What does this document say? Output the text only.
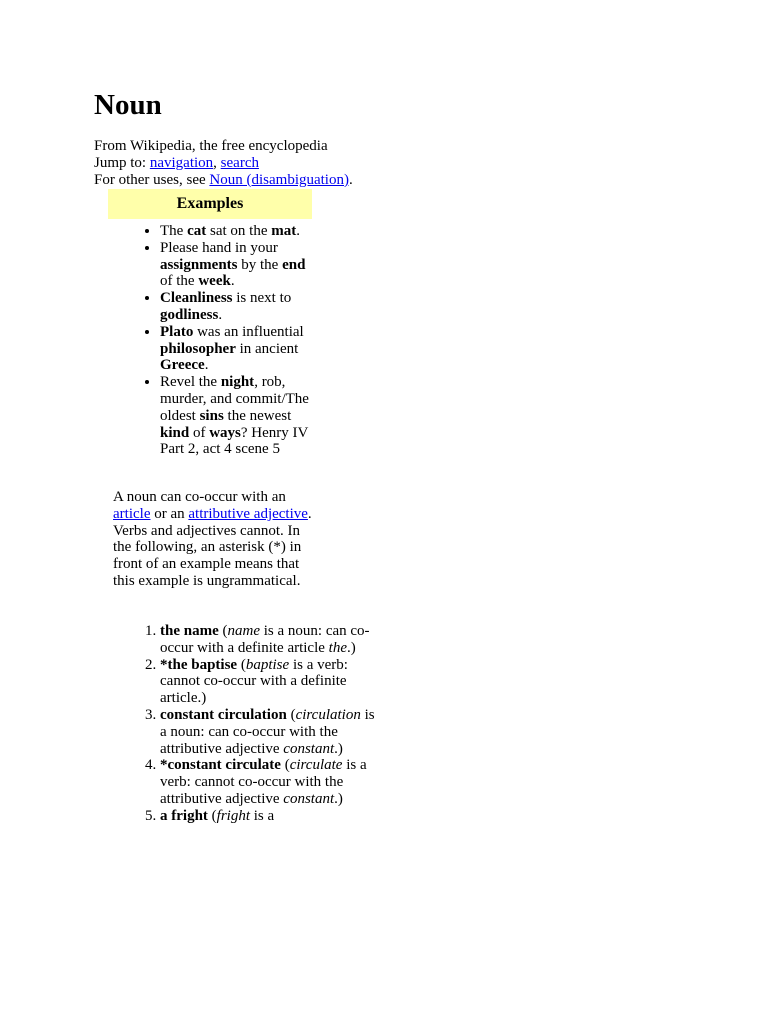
Noun
From Wikipedia, the free encyclopedia
Jump to: navigation, search
For other uses, see Noun (disambiguation).
Examples
• The cat sat on the mat.
• Please hand in your assignments by the end of the week.
• Cleanliness is next to godliness.
• Plato was an influential philosopher in ancient Greece.
• Revel the night, rob, murder, and commit/The oldest sins the newest kind of ways? Henry IV Part 2, act 4 scene 5
A noun can co-occur with an article or an attributive adjective. Verbs and adjectives cannot. In the following, an asterisk (*) in front of an example means that this example is ungrammatical.
1. the name (name is a noun: can co-occur with a definite article the.)
2. *the baptise (baptise is a verb: cannot co-occur with a definite article.)
3. constant circulation (circulation is a noun: can co-occur with the attributive adjective constant.)
4. *constant circulate (circulate is a verb: cannot co-occur with the attributive adjective constant.)
5. a fright (fright is a
